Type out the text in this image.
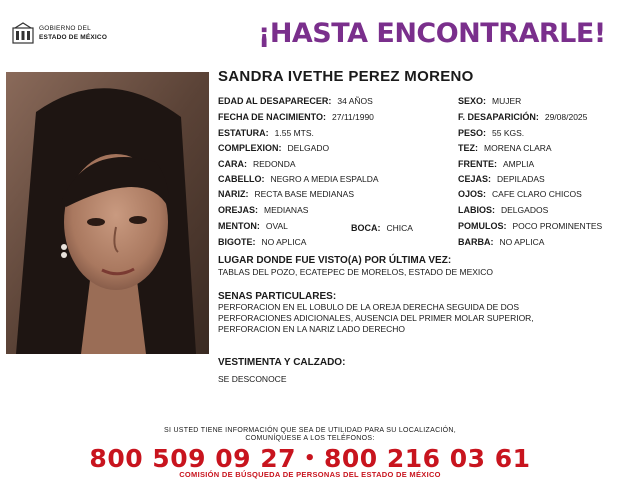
GOBIERNO DEL
ESTADO DE MÉXICO	¡HASTA ENCONTRARLE!
SANDRA IVETHE PEREZ MORENO
EDAD AL DESAPARECER: 34 AÑOS
FECHA DE NACIMIENTO: 27/11/1990
ESTATURA: 1.55 MTS.
COMPLEXION: DELGADO
CARA: REDONDA
CABELLO: NEGRO A MEDIA ESPALDA
NARIZ: RECTA BASE MEDIANAS
OREJAS: MEDIANAS
MENTON: OVAL
BIGOTE: NO APLICA
BOCA: CHICA
SEXO: MUJER
F. DESAPARICIÓN: 29/08/2025
PESO: 55 KGS.
TEZ: MORENA CLARA
FRENTE: AMPLIA
CEJAS: DEPILADAS
OJOS: CAFE CLARO CHICOS
LABIOS: DELGADOS
POMULOS: POCO PROMINENTES
BARBA: NO APLICA
LUGAR DONDE FUE VISTO(A) POR ÚLTIMA VEZ:
TABLAS DEL POZO, ECATEPEC DE MORELOS, ESTADO DE MEXICO
SENAS PARTICULARES:
PERFORACION EN EL LOBULO DE LA OREJA DERECHA SEGUIDA DE DOS
PERFORACIONES ADICIONALES, AUSENCIA DEL PRIMER MOLAR SUPERIOR,
PERFORACION EN LA NARIZ LADO DERECHO
VESTIMENTA Y CALZADO:
SE DESCONOCE
SI USTED TIENE INFORMACIÓN QUE SEA DE UTILIDAD PARA SU LOCALIZACIÓN,
COMUNÍQUESE A LOS TELÉFONOS:
800 509 09 27 • 800 216 03 61
COMISIÓN DE BÚSQUEDA DE PERSONAS DEL ESTADO DE MÉXICO
